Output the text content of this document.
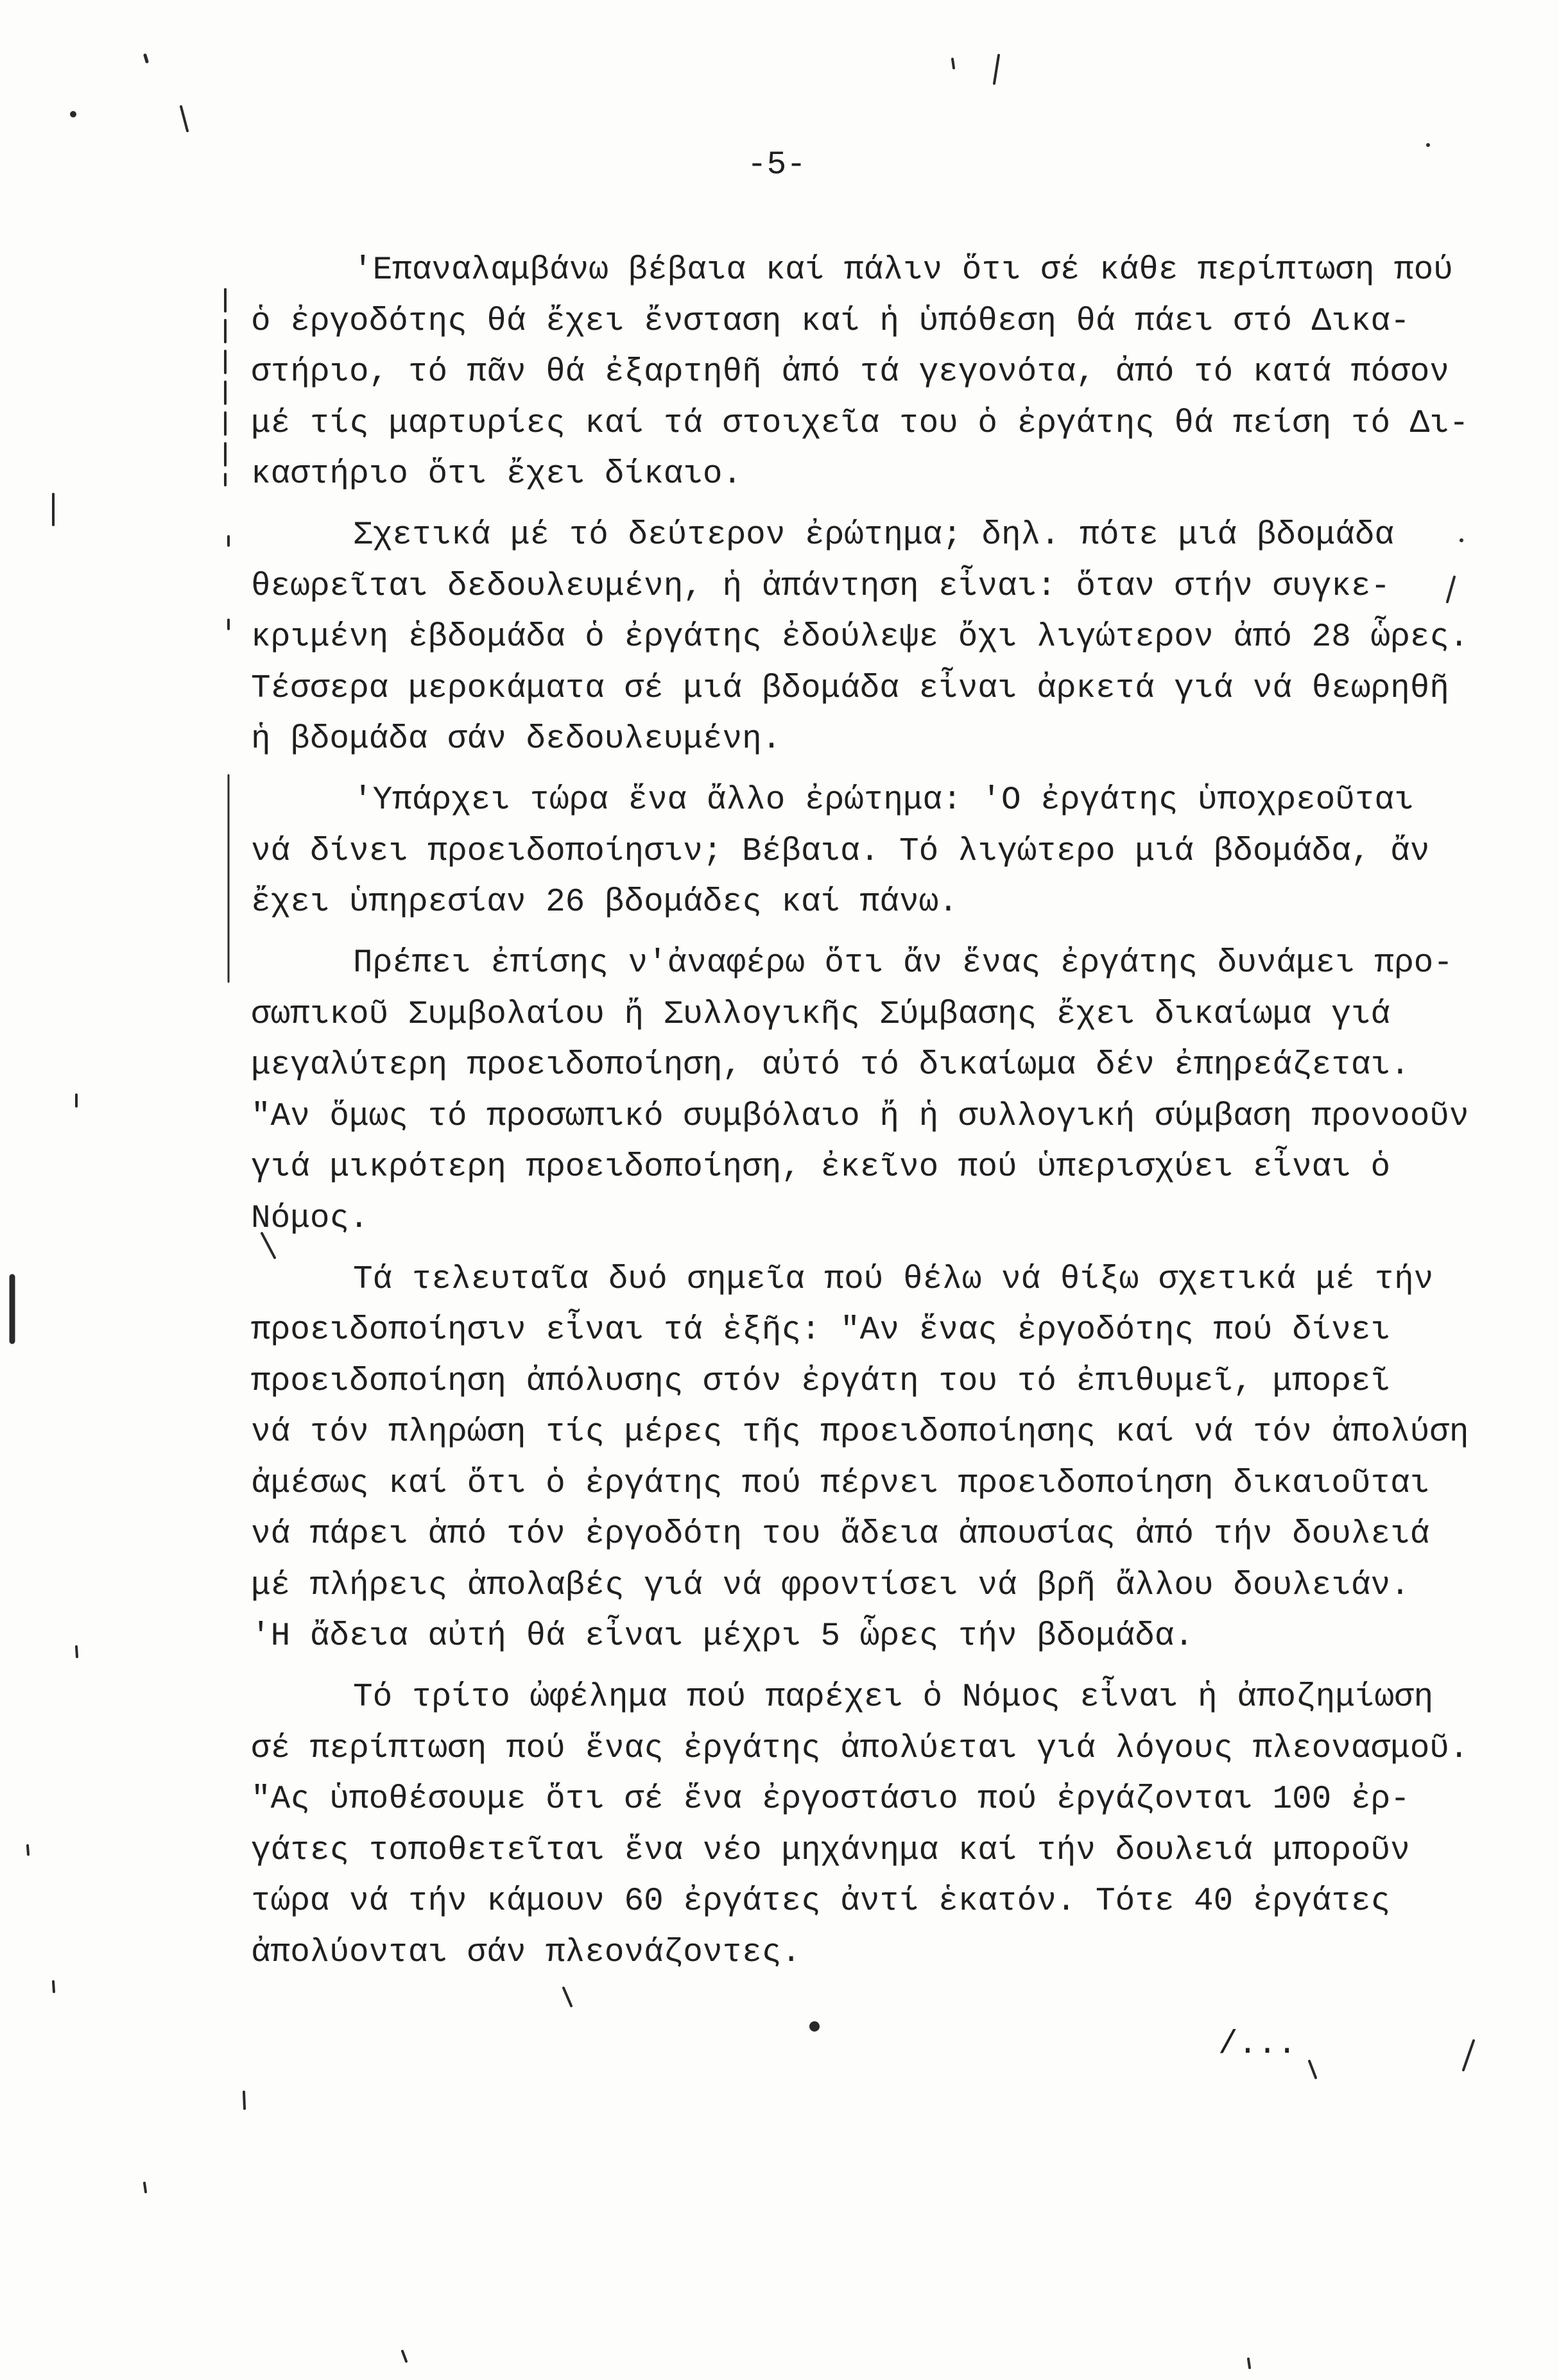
-5-
'Επαναλαμβάνω βέβαια καί πάλιν ὅτι σέ κάθε περίπτωση πού
ὁ ἐργοδότης θά ἔχει ἔνσταση καί ἡ ὑπόθεση θά πάει στό Δικα-
στήριο, τό πᾶν θά ἐξαρτηθῆ ἀπό τά γεγονότα, ἀπό τό κατά πόσον
μέ τίς μαρτυρίες καί τά στοιχεῖα του ὁ ἐργάτης θά πείση τό Δι-
καστήριο ὅτι ἔχει δίκαιο.
Σχετικά μέ τό δεύτερον ἐρώτημα; δηλ. πότε μιά βδομάδα
θεωρεῖται δεδουλευμένη, ἡ ἀπάντηση εἶναι: ὅταν στήν συγκε-
κριμένη ἑβδομάδα ὁ ἐργάτης ἐδούλεψε ὄχι λιγώτερον ἀπό 28 ὧρες.
Τέσσερα μεροκάματα σέ μιά βδομάδα εἶναι ἀρκετά γιά νά θεωρηθῆ
ἡ βδομάδα σάν δεδουλευμένη.
'Υπάρχει τώρα ἕνα ἄλλο ἐρώτημα: 'Ο ἐργάτης ὑποχρεοῦται
νά δίνει προειδοποίησιν; Βέβαια. Τό λιγώτερο μιά βδομάδα, ἄν
ἔχει ὑπηρεσίαν 26 βδομάδες καί πάνω.
Πρέπει ἐπίσης ν'ἀναφέρω ὅτι ἄν ἕνας ἐργάτης δυνάμει προ-
σωπικοῦ Συμβολαίου ἤ Συλλογικῆς Σύμβασης ἔχει δικαίωμα γιά
μεγαλύτερη προειδοποίηση, αὐτό τό δικαίωμα δέν ἐπηρεάζεται.
"Αν ὅμως τό προσωπικό συμβόλαιο ἤ ἡ συλλογική σύμβαση προνοοῦν
γιά μικρότερη προειδοποίηση, ἐκεῖνο πού ὑπερισχύει εἶναι ὁ
Νόμος.
Τά τελευταῖα δυό σημεῖα πού θέλω νά θίξω σχετικά μέ τήν
προειδοποίησιν εἶναι τά ἑξῆς: "Αν ἕνας ἐργοδότης πού δίνει
προειδοποίηση ἀπόλυσης στόν ἐργάτη του τό ἐπιθυμεῖ, μπορεῖ
νά τόν πληρώση τίς μέρες τῆς προειδοποίησης καί νά τόν ἀπολύση
ἀμέσως καί ὅτι ὁ ἐργάτης πού πέρνει προειδοποίηση δικαιοῦται
νά πάρει ἀπό τόν ἐργοδότη του ἄδεια ἀπουσίας ἀπό τήν δουλειά
μέ πλήρεις ἀπολαβές γιά νά φροντίσει νά βρῆ ἄλλου δουλειάν.
'Η ἄδεια αὐτή θά εἶναι μέχρι 5 ὧρες τήν βδομάδα.
Τό τρίτο ὠφέλημα πού παρέχει ὁ Νόμος εἶναι ἡ ἀποζημίωση
σέ περίπτωση πού ἕνας ἐργάτης ἀπολύεται γιά λόγους πλεονασμοῦ.
"Ας ὑποθέσουμε ὅτι σέ ἕνα ἐργοστάσιο πού ἐργάζονται 100 ἐρ-
γάτες τοποθετεῖται ἕνα νέο μηχάνημα καί τήν δουλειά μποροῦν
τώρα νά τήν κάμουν 60 ἐργάτες ἀντί ἑκατόν. Τότε 40 ἐργάτες
ἀπολύονται σάν πλεονάζοντες.
/...
